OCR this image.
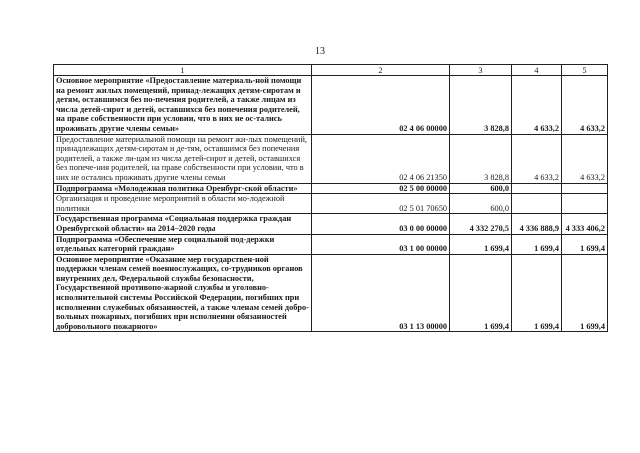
13
1	2	3	4	5
Основное мероприятие «Предоставление материаль-ной помощи на ремонт жилых помещений, принад-лежащих детям-сиротам и детям, оставшимся без по-печения родителей, а также лицам из числа детей-сирот и детей, оставшихся без попечения родителей, на праве собственности при условии, что в них не ос-тались проживать другие члены семьи»	02 4 06 00000	3 828,8	4 633,2	4 633,2
Предоставление материальной помощи на ремонт жи-лых помещений, принадлежащих детям-сиротам и де-тям, оставшимся без попечения родителей, а также ли-цам из числа детей-сирот и детей, оставшихся без попече-ния родителей, на праве собственности при условии, что в них не остались проживать другие члены семьи	02 4 06 21350	3 828,8	4 633,2	4 633,2
Подпрограмма «Молодежная политика Оренбург-ской области»	02 5 00 00000	600,0		
Организация и проведение мероприятий в области мо-лодежной политики	02 5 01 70650	600,0		
Государственная программа «Социальная поддержка граждан Оренбургской области» на 2014–2020 годы	03 0 00 00000	4 332 270,5	4 336 888,9	4 333 406,2
Подпрограмма «Обеспечение мер социальной под-держки отдельных категорий граждан»	03 1 00 00000	1 699,4	1 699,4	1 699,4
Основное мероприятие «Оказание мер государствен-ной поддержки членам семей военнослужащих, со-трудников органов внутренних дел, Федеральной службы безопасности, Государственной противопо-жарной службы и уголовно-исполнительной системы Российской Федерации, погибших при исполнении служебных обязанностей, а также членам семей добро-вольных пожарных, погибших при исполнении обязанностей добровольного пожарного»	03 1 13 00000	1 699,4	1 699,4	1 699,4
